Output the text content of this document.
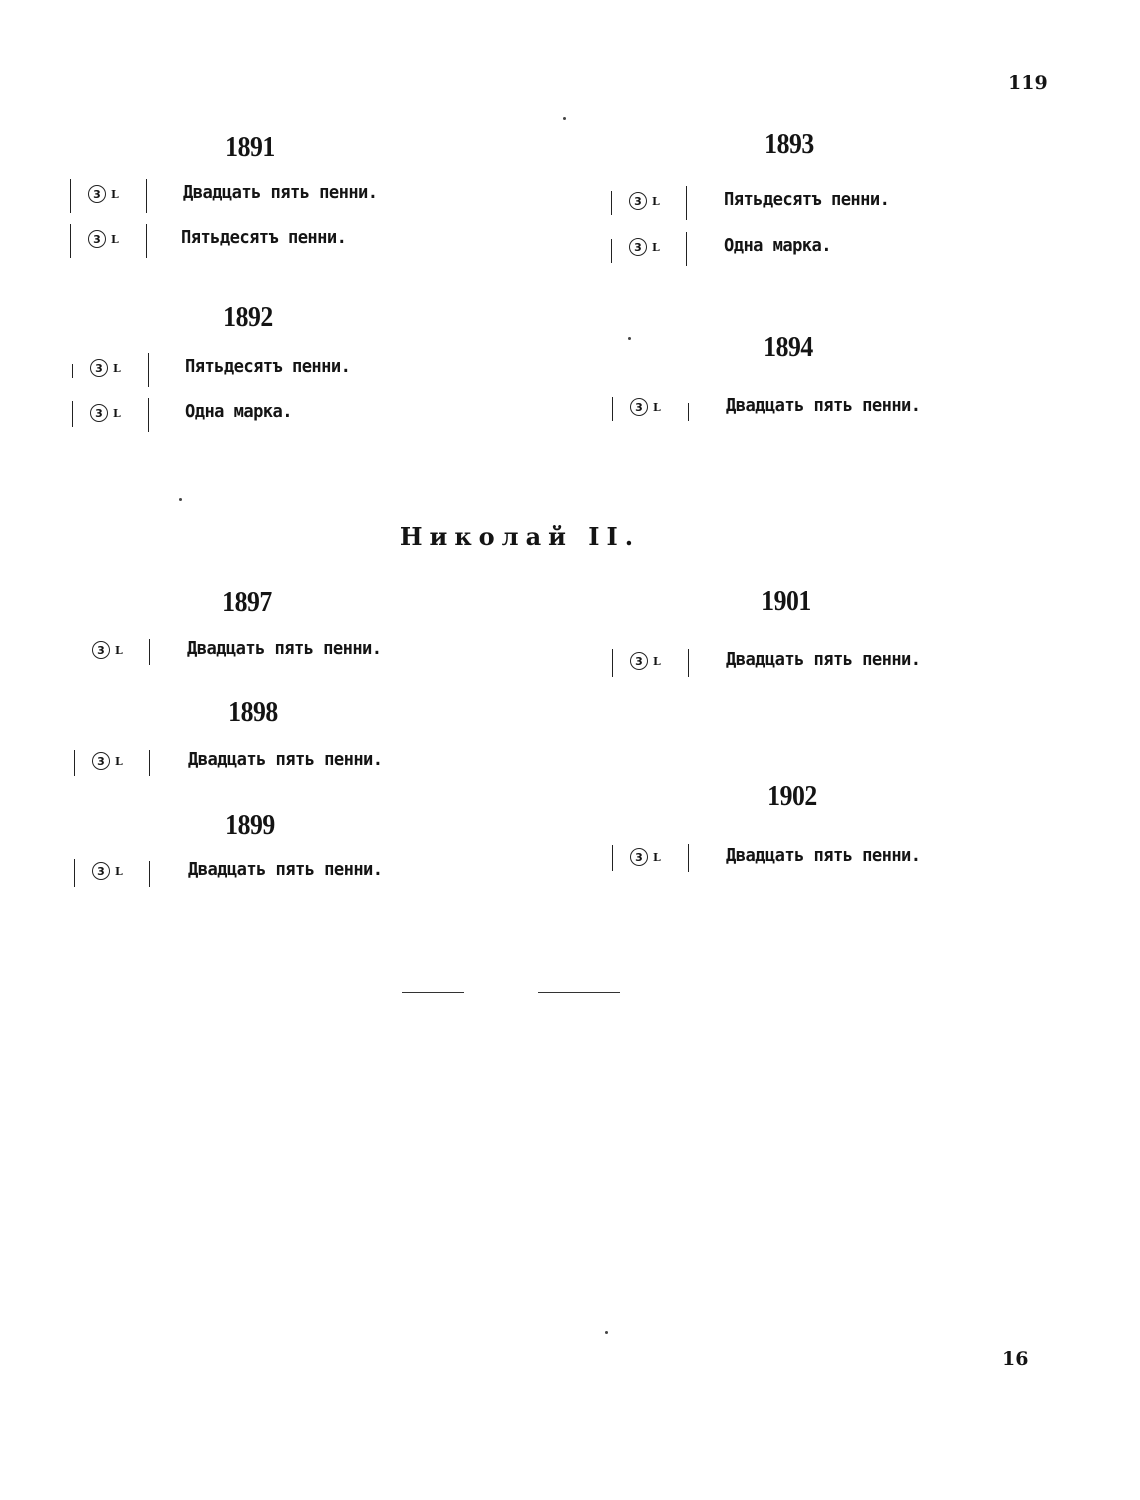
119
1891
3 L	Двадцать пять пенни.
3 L	Пятьдесятъ пенни.
1892
3 L	Пятьдесятъ пенни.
3 L	Одна марка.
1893
3 L	Пятьдесятъ пенни.
3 L	Одна марка.
1894
3 L	Двадцать пять пенни.
Николай II.
1897
3 L	Двадцать пять пенни.
1898
3 L	Двадцать пять пенни.
1899
3 L	Двадцать пять пенни.
1901
3 L	Двадцать пять пенни.
1902
3 L	Двадцать пять пенни.
16
